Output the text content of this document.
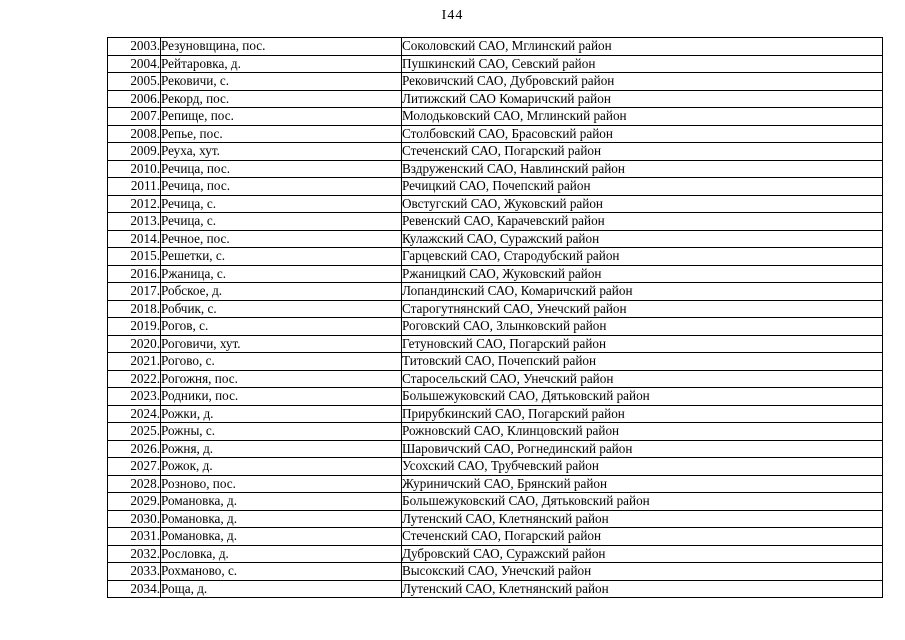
I44
2003.	Резуновщина, пос.	Соколовский САО, Мглинский район
2004.	Рейтаровка, д.	Пушкинский САО, Севский район
2005.	Рековичи, с.	Рековичский САО, Дубровский район
2006.	Рекорд, пос.	Литижский САО Комаричский район
2007.	Репище, пос.	Молодьковский САО, Мглинский район
2008.	Репье, пос.	Столбовский САО, Брасовский район
2009.	Реуха, хут.	Стеченский САО, Погарский район
2010.	Речица, пос.	Вздруженский САО, Навлинский район
2011.	Речица, пос.	Речицкий САО, Почепский район
2012.	Речица, с.	Овстугский САО, Жуковский район
2013.	Речица, с.	Ревенский САО, Карачевский район
2014.	Речное, пос.	Кулажский САО, Суражский район
2015.	Решетки, с.	Гарцевский САО, Стародубский район
2016.	Ржаница, с.	Ржаницкий САО, Жуковский район
2017.	Робское, д.	Лопандинский САО, Комаричский район
2018.	Робчик, с.	Старогутнянский САО, Унечский район
2019.	Рогов, с.	Роговский САО, Злынковский район
2020.	Роговичи, хут.	Гетуновский САО, Погарский район
2021.	Рогово, с.	Титовский САО, Почепский район
2022.	Рогожня, пос.	Старосельский САО, Унечский район
2023.	Родники, пос.	Большежуковский САО, Дятьковский район
2024.	Рожки, д.	Прирубкинский САО, Погарский район
2025.	Рожны, с.	Рожновский САО, Клинцовский район
2026.	Рожня, д.	Шаровичский САО, Рогнединский район
2027.	Рожок, д.	Усохский САО, Трубчевский район
2028.	Розново, пос.	Журиничский САО, Брянский район
2029.	Романовка, д.	Большежуковский САО, Дятьковский район
2030.	Романовка, д.	Лутенский САО, Клетнянский район
2031.	Романовка, д.	Стеченский САО, Погарский район
2032.	Рословка, д.	Дубровский САО, Суражский район
2033.	Рохманово, с.	Высокский САО, Унечский район
2034.	Роща, д.	Лутенский САО, Клетнянский район
